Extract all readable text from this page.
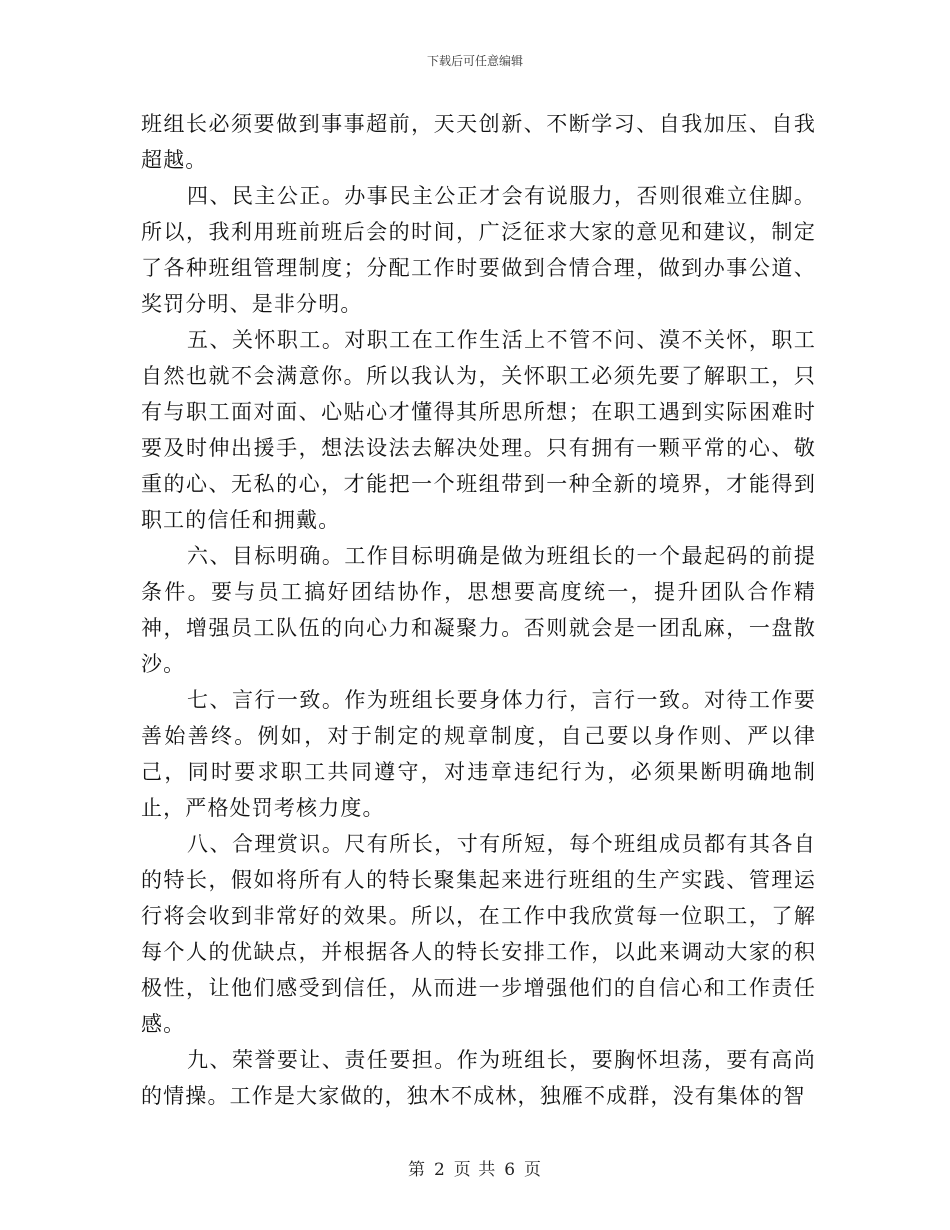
下载后可任意编辑

班组长必须要做到事事超前，天天创新、不断学习、自我加压、自我超越。

四、民主公正。办事民主公正才会有说服力，否则很难立住脚。所以，我利用班前班后会的时间，广泛征求大家的意见和建议，制定了各种班组管理制度；分配工作时要做到合情合理，做到办事公道、奖罚分明、是非分明。

五、关怀职工。对职工在工作生活上不管不问、漠不关怀，职工自然也就不会满意你。所以我认为，关怀职工必须先要了解职工，只有与职工面对面、心贴心才懂得其所思所想；在职工遇到实际困难时要及时伸出援手，想法设法去解决处理。只有拥有一颗平常的心、敬重的心、无私的心，才能把一个班组带到一种全新的境界，才能得到职工的信任和拥戴。

六、目标明确。工作目标明确是做为班组长的一个最起码的前提条件。要与员工搞好团结协作，思想要高度统一，提升团队合作精神，增强员工队伍的向心力和凝聚力。否则就会是一团乱麻，一盘散沙。

七、言行一致。作为班组长要身体力行，言行一致。对待工作要善始善终。例如，对于制定的规章制度，自己要以身作则、严以律己，同时要求职工共同遵守，对违章违纪行为，必须果断明确地制止，严格处罚考核力度。

八、合理赏识。尺有所长，寸有所短，每个班组成员都有其各自的特长，假如将所有人的特长聚集起来进行班组的生产实践、管理运行将会收到非常好的效果。所以，在工作中我欣赏每一位职工，了解每个人的优缺点，并根据各人的特长安排工作，以此来调动大家的积极性，让他们感受到信任，从而进一步增强他们的自信心和工作责任感。

九、荣誉要让、责任要担。作为班组长，要胸怀坦荡，要有高尚的情操。工作是大家做的，独木不成林，独雁不成群，没有集体的智

第 2 页 共 6 页
